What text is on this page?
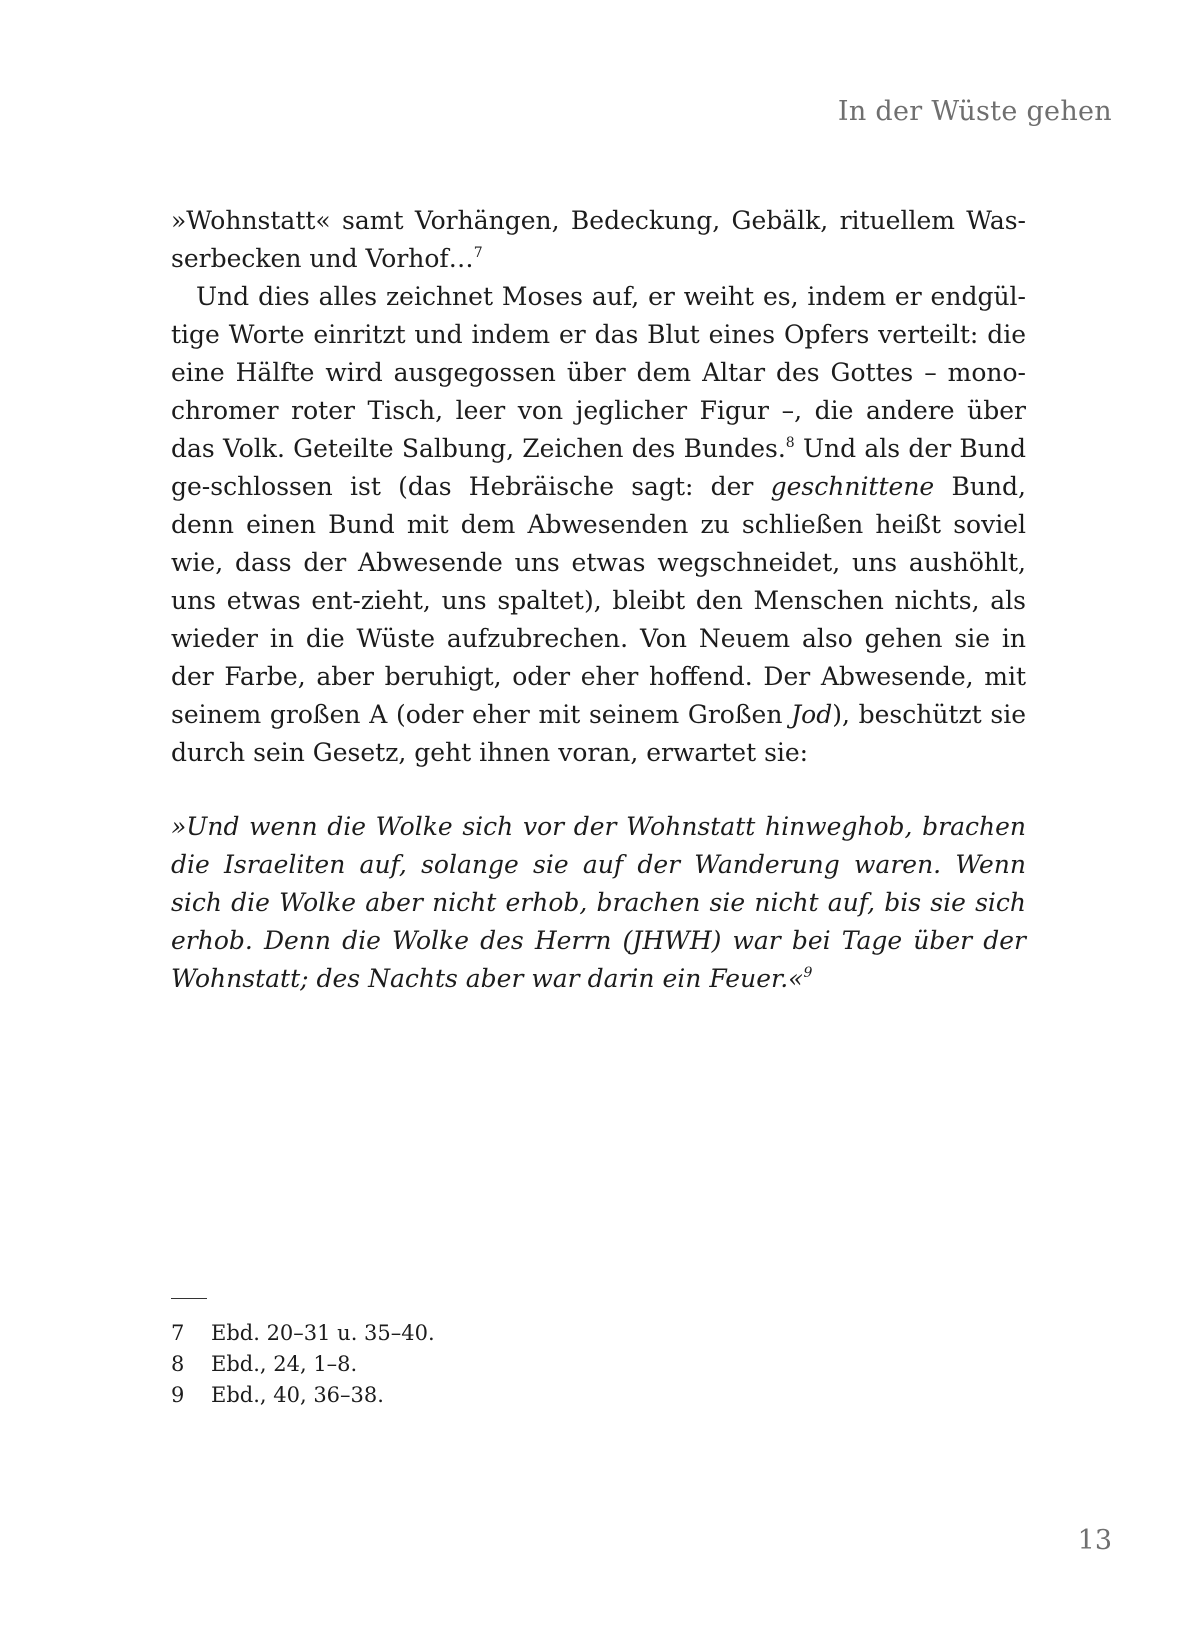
In der Wüste gehen

»Wohnstatt« samt Vorhängen, Bedeckung, Gebälk, rituellem Was-serbecken und Vorhof…$^7$

Und dies alles zeichnet Moses auf, er weiht es, indem er endgül-tige Worte einritzt und indem er das Blut eines Opfers verteilt: die eine Hälfte wird ausgegossen über dem Altar des Gottes – mono-chromer roter Tisch, leer von jeglicher Figur –, die andere über das Volk. Geteilte Salbung, Zeichen des Bundes.$^8$ Und als der Bund ge-schlossen ist (das Hebräische sagt: der geschnittene Bund, denn einen Bund mit dem Abwesenden zu schließen heißt soviel wie, dass der Abwesende uns etwas wegschneidet, uns aushöhlt, uns etwas ent-zieht, uns spaltet), bleibt den Menschen nichts, als wieder in die Wüste aufzubrechen. Von Neuem also gehen sie in der Farbe, aber beruhigt, oder eher hoffend. Der Abwesende, mit seinem großen A (oder eher mit seinem Großen Jod), beschützt sie durch sein Gesetz, geht ihnen voran, erwartet sie:

»Und wenn die Wolke sich vor der Wohnstatt hinweghob, brachen die Israeliten auf, solange sie auf der Wanderung waren. Wenn sich die Wolke aber nicht erhob, brachen sie nicht auf, bis sie sich erhob. Denn die Wolke des Herrn (JHWH) war bei Tage über der Wohnstatt; des Nachts aber war darin ein Feuer.«$^9$
7	Ebd. 20–31 u. 35–40.
8	Ebd., 24, 1–8.
9	Ebd., 40, 36–38.
13
